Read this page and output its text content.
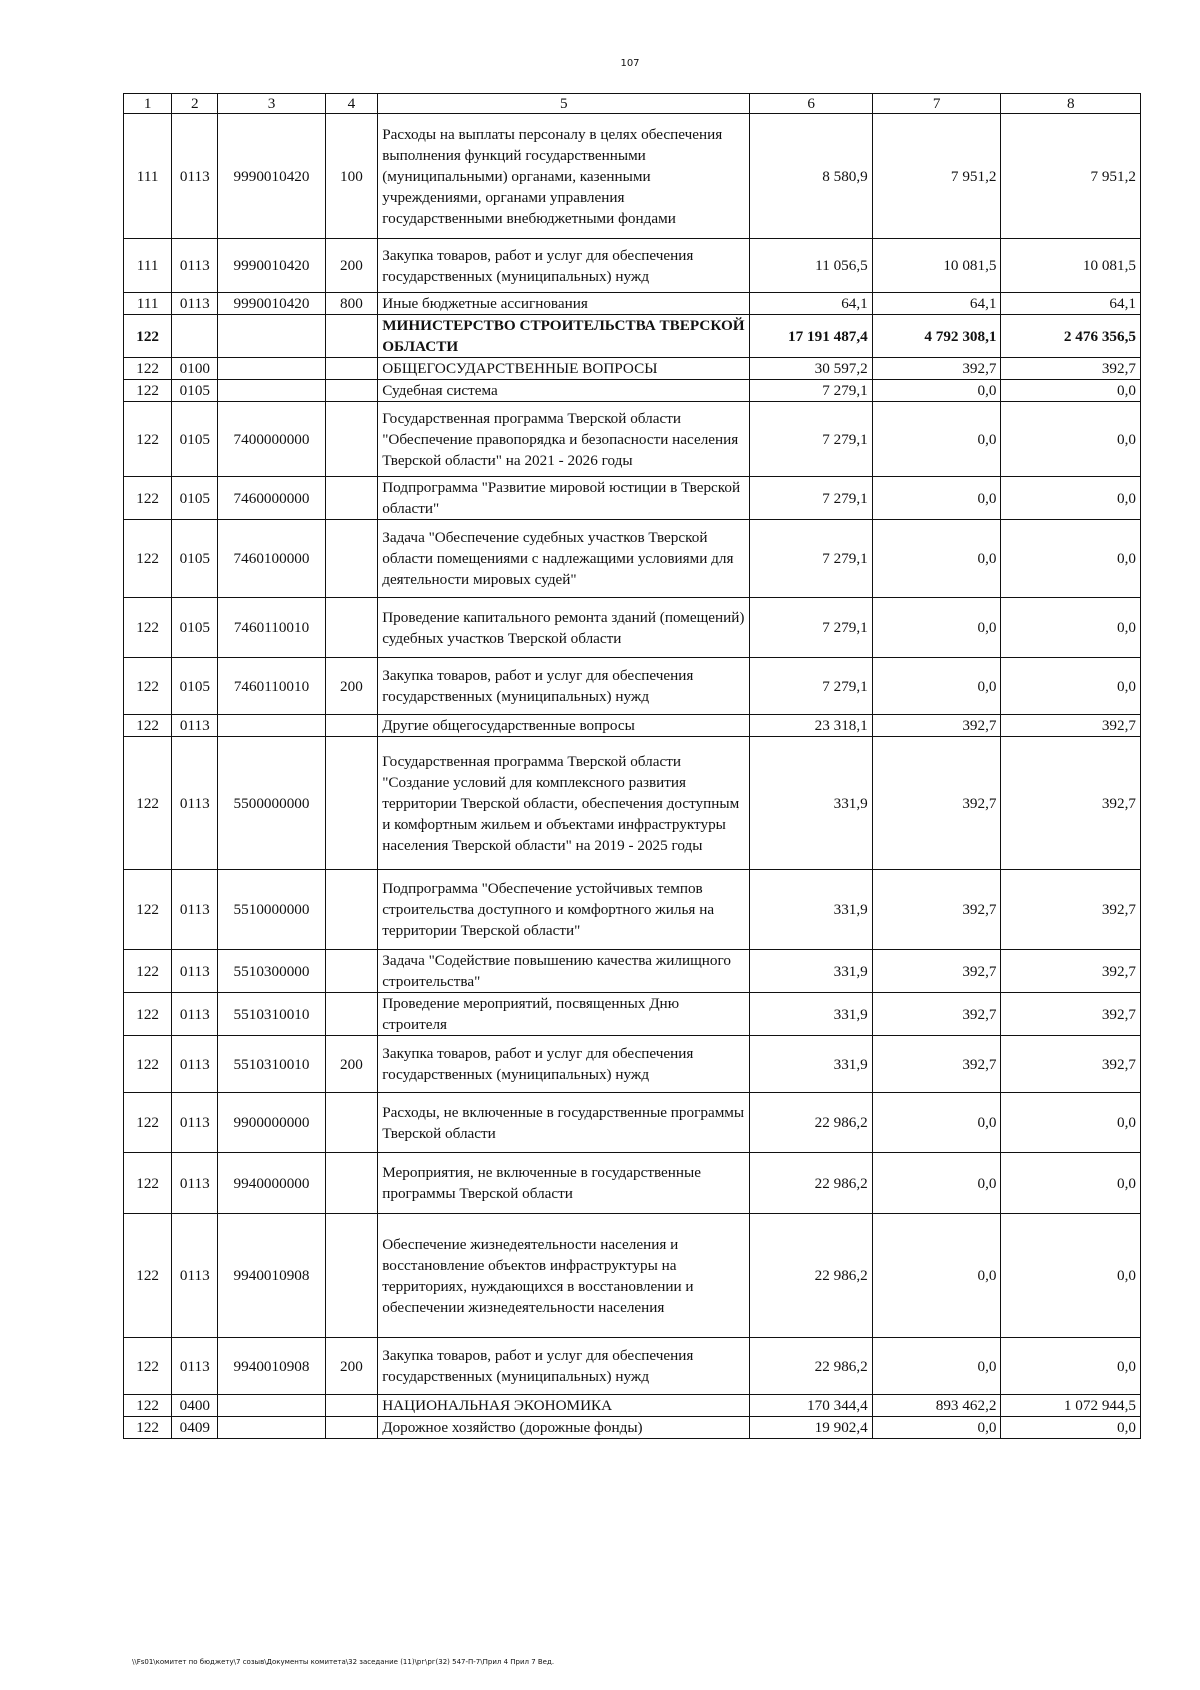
107
1	2	3	4	5	6	7	8
111	0113	9990010420	100	Расходы на выплаты персоналу в целях обеспечения выполнения функций государственными (муниципальными) органами, казенными учреждениями, органами управления государственными внебюджетными фондами	8 580,9	7 951,2	7 951,2
111	0113	9990010420	200	Закупка товаров, работ и услуг для обеспечения государственных (муниципальных) нужд	11 056,5	10 081,5	10 081,5
111	0113	9990010420	800	Иные бюджетные ассигнования	64,1	64,1	64,1
122				МИНИСТЕРСТВО СТРОИТЕЛЬСТВА ТВЕРСКОЙ ОБЛАСТИ	17 191 487,4	4 792 308,1	2 476 356,5
122	0100			ОБЩЕГОСУДАРСТВЕННЫЕ ВОПРОСЫ	30 597,2	392,7	392,7
122	0105			Судебная система	7 279,1	0,0	0,0
122	0105	7400000000		Государственная программа Тверской области "Обеспечение правопорядка и безопасности населения Тверской области" на 2021 - 2026 годы	7 279,1	0,0	0,0
122	0105	7460000000		Подпрограмма "Развитие мировой юстиции в Тверской области"	7 279,1	0,0	0,0
122	0105	7460100000		Задача "Обеспечение судебных участков Тверской области помещениями с надлежащими условиями для деятельности мировых судей"	7 279,1	0,0	0,0
122	0105	7460110010		Проведение капитального ремонта зданий (помещений) судебных участков Тверской области	7 279,1	0,0	0,0
122	0105	7460110010	200	Закупка товаров, работ и услуг для обеспечения государственных (муниципальных) нужд	7 279,1	0,0	0,0
122	0113			Другие общегосударственные вопросы	23 318,1	392,7	392,7
122	0113	5500000000		Государственная программа Тверской области "Создание условий для комплексного развития территории Тверской области, обеспечения доступным и комфортным жильем и объектами инфраструктуры населения Тверской области" на 2019 - 2025 годы	331,9	392,7	392,7
122	0113	5510000000		Подпрограмма "Обеспечение устойчивых темпов строительства доступного и комфортного жилья на территории Тверской области"	331,9	392,7	392,7
122	0113	5510300000		Задача "Содействие повышению качества жилищного строительства"	331,9	392,7	392,7
122	0113	5510310010		Проведение мероприятий, посвященных Дню строителя	331,9	392,7	392,7
122	0113	5510310010	200	Закупка товаров, работ и услуг для обеспечения государственных (муниципальных) нужд	331,9	392,7	392,7
122	0113	9900000000		Расходы, не включенные в государственные программы Тверской области	22 986,2	0,0	0,0
122	0113	9940000000		Мероприятия, не включенные в государственные программы Тверской области	22 986,2	0,0	0,0
122	0113	9940010908		Обеспечение жизнедеятельности населения и восстановление объектов инфраструктуры на территориях, нуждающихся в восстановлении и обеспечении жизнедеятельности населения	22 986,2	0,0	0,0
122	0113	9940010908	200	Закупка товаров, работ и услуг для обеспечения государственных (муниципальных) нужд	22 986,2	0,0	0,0
122	0400			НАЦИОНАЛЬНАЯ ЭКОНОМИКА	170 344,4	893 462,2	1 072 944,5
122	0409			Дорожное хозяйство (дорожные фонды)	19 902,4	0,0	0,0
\\Fs01\комитет по бюджету\7 созыв\Документы комитета\32 заседание (11)\рг\рг(32) 547-П-7\Прил 4 Прил 7 Вед.
